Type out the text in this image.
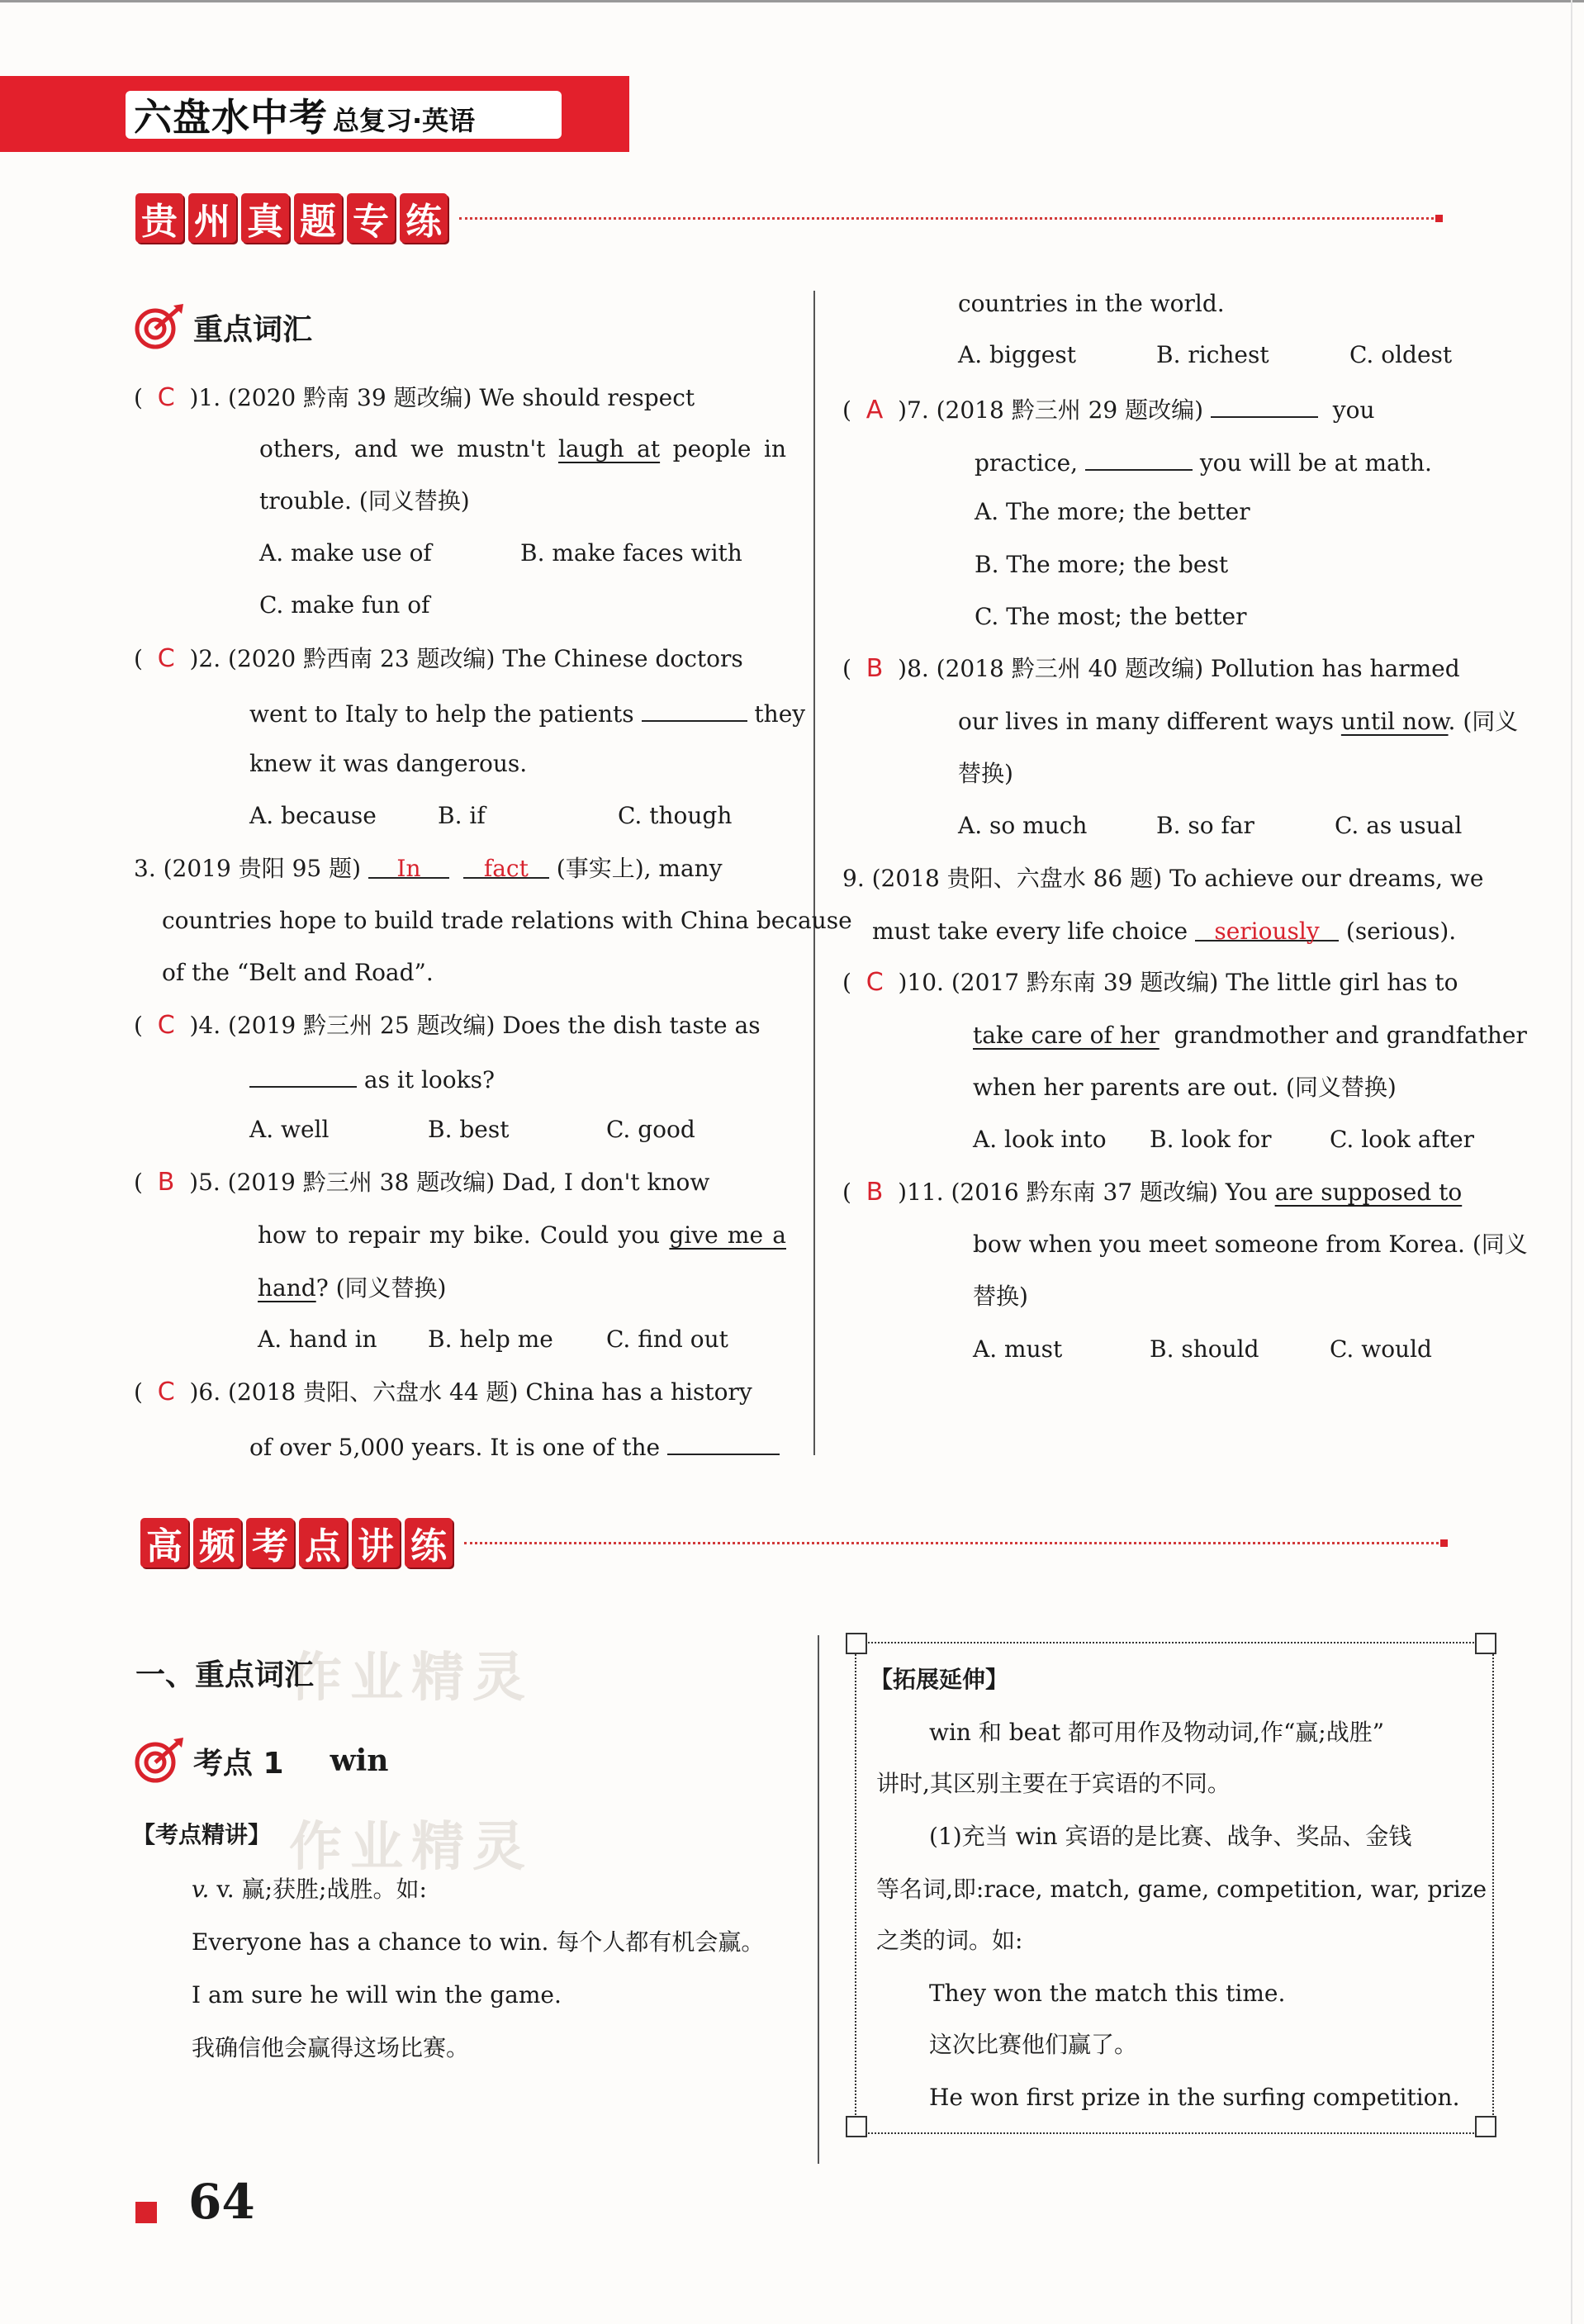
六盘水中考 总复习·英语
贵 州 真 题 专 练
重点词汇
(  C )1. (2020 黔南 39 题改编) We should respect
others, and we mustn't laugh at people in
trouble. (同义替换)
A. make use of	B. make faces with
C. make fun of
(  C )2. (2020 黔西南 23 题改编) The Chinese doctors
went to Italy to help the patients	they
knew it was dangerous.
A. because	B. if	C. though
3. (2019 贵阳 95 题) In	fact (事实上), many
countries hope to build trade relations with China because
of the “Belt and Road”.
(  C )4. (2019 黔三州 25 题改编) Does the dish taste as
as it looks?
A. well	B. best	C. good
(  B )5. (2019 黔三州 38 题改编) Dad, I don't know
how to repair my bike. Could you give me a
hand? (同义替换)
A. hand in B. help me C. find out
(  C )6. (2018 贵阳、六盘水 44 题) China has a history
of over 5,000 years. It is one of the
countries in the world.
A. biggest	B. richest	C. oldest
(  A )7. (2018 黔三州 29 题改编)	you
practice,	you will be at math.
A. The more; the better
B. The more; the best
C. The most; the better
(  B )8. (2018 黔三州 40 题改编) Pollution has harmed
our lives in many different ways until now. (同义
替换)
A. so much	B. so far	C. as usual
9. (2018 贵阳、六盘水 86 题) To achieve our dreams, we
must take every life choice seriously (serious).
(  C )10. (2017 黔东南 39 题改编) The little girl has to
take care of her grandmother and grandfather
when her parents are out. (同义替换)
A. look into B. look for	C. look after
(  B )11. (2016 黔东南 37 题改编) You are supposed to
bow when you meet someone from Korea. (同义
替换)
A. must	B. should	C. would
高 频 考 点 讲 练
作业精灵
作业精灵
一、重点词汇
考点 1 win
【考点精讲】
v. v. 赢;获胜;战胜。如:
Everyone has a chance to win. 每个人都有机会赢。
I am sure he will win the game.
我确信他会赢得这场比赛。
【拓展延伸】
win 和 beat 都可用作及物动词,作“赢;战胜”
讲时,其区别主要在于宾语的不同。
(1)充当 win 宾语的是比赛、战争、奖品、金钱
等名词,即:race, match, game, competition, war, prize
之类的词。如:
They won the match this time.
这次比赛他们赢了。
He won first prize in the surfing competition.
64
